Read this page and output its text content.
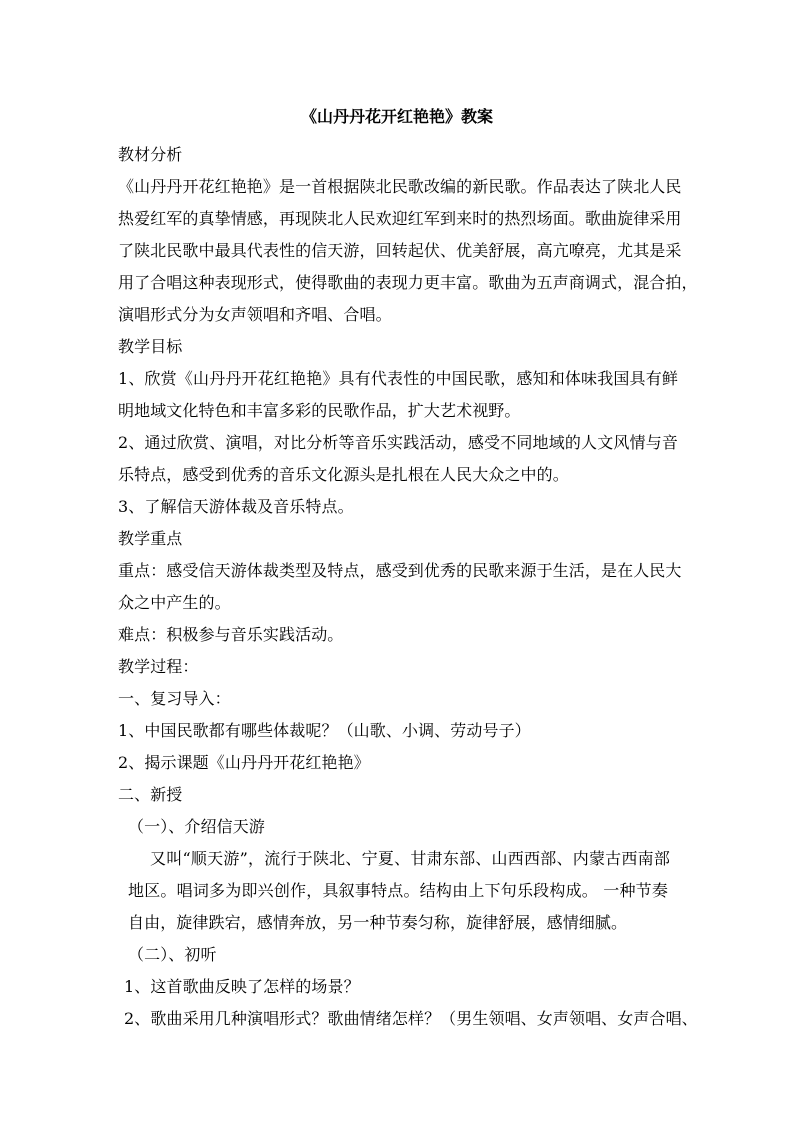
《山丹丹花开红艳艳》教案
教材分析
《山丹丹开花红艳艳》是一首根据陕北民歌改编的新民歌。作品表达了陕北人民
热爱红军的真挚情感，再现陕北人民欢迎红军到来时的热烈场面。歌曲旋律采用
了陕北民歌中最具代表性的信天游，回转起伏、优美舒展，高亢嘹亮，尤其是采
用了合唱这种表现形式，使得歌曲的表现力更丰富。歌曲为五声商调式，混合拍，
演唱形式分为女声领唱和齐唱、合唱。
教学目标
1、欣赏《山丹丹开花红艳艳》具有代表性的中国民歌，感知和体味我国具有鲜
明地域文化特色和丰富多彩的民歌作品，扩大艺术视野。
2、通过欣赏、演唱，对比分析等音乐实践活动，感受不同地域的人文风情与音
乐特点，感受到优秀的音乐文化源头是扎根在人民大众之中的。
3、了解信天游体裁及音乐特点。
教学重点
重点：感受信天游体裁类型及特点，感受到优秀的民歌来源于生活，是在人民大
众之中产生的。
难点：积极参与音乐实践活动。
教学过程：
一、复习导入：
1、中国民歌都有哪些体裁呢？（山歌、小调、劳动号子）
2、揭示课题《山丹丹开花红艳艳》
二、新授
（一）、介绍信天游
又叫“顺天游”，流行于陕北、宁夏、甘肃东部、山西西部、内蒙古西南部
地区。唱词多为即兴创作，具叙事特点。结构由上下句乐段构成。 一种节奏
自由，旋律跌宕，感情奔放，另一种节奏匀称，旋律舒展，感情细腻。
（二）、初听
1、这首歌曲反映了怎样的场景？
2、歌曲采用几种演唱形式？歌曲情绪怎样？（男生领唱、女声领唱、女声合唱、
